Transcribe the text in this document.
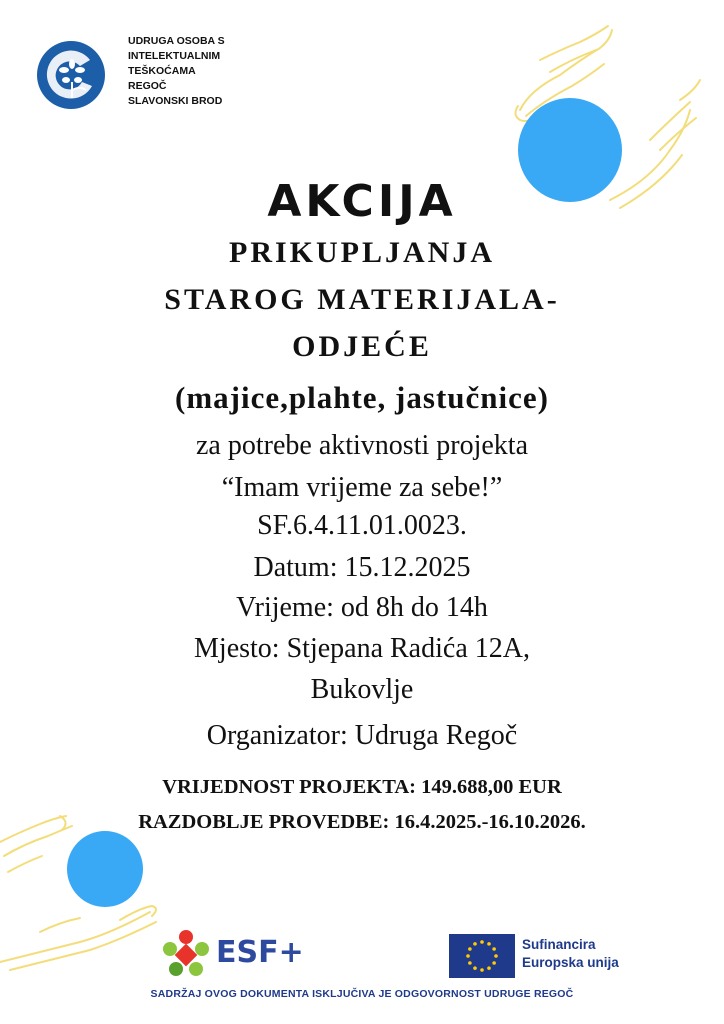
UDRUGA OSOBA S
INTELEKTUALNIM
TEŠKOĆAMA
REGOČ
SLAVONSKI BROD
AKCIJA
PRIKUPLJANJA
STAROG MATERIJALA-
ODJEĆE
(majice,plahte, jastučnice)
za potrebe aktivnosti projekta
“Imam vrijeme za sebe!”
SF.6.4.11.01.0023.
Datum: 15.12.2025
Vrijeme: od 8h do 14h
Mjesto: Stjepana Radića 12A,
Bukovlje
Organizator: Udruga Regoč
VRIJEDNOST PROJEKTA: 149.688,00 EUR
RAZDOBLJE PROVEDBE: 16.4.2025.-16.10.2026.
ESF+	Sufinancira
Europska unija
SADRŽAJ OVOG DOKUMENTA ISKLJUČIVA JE ODGOVORNOST UDRUGE REGOČ
